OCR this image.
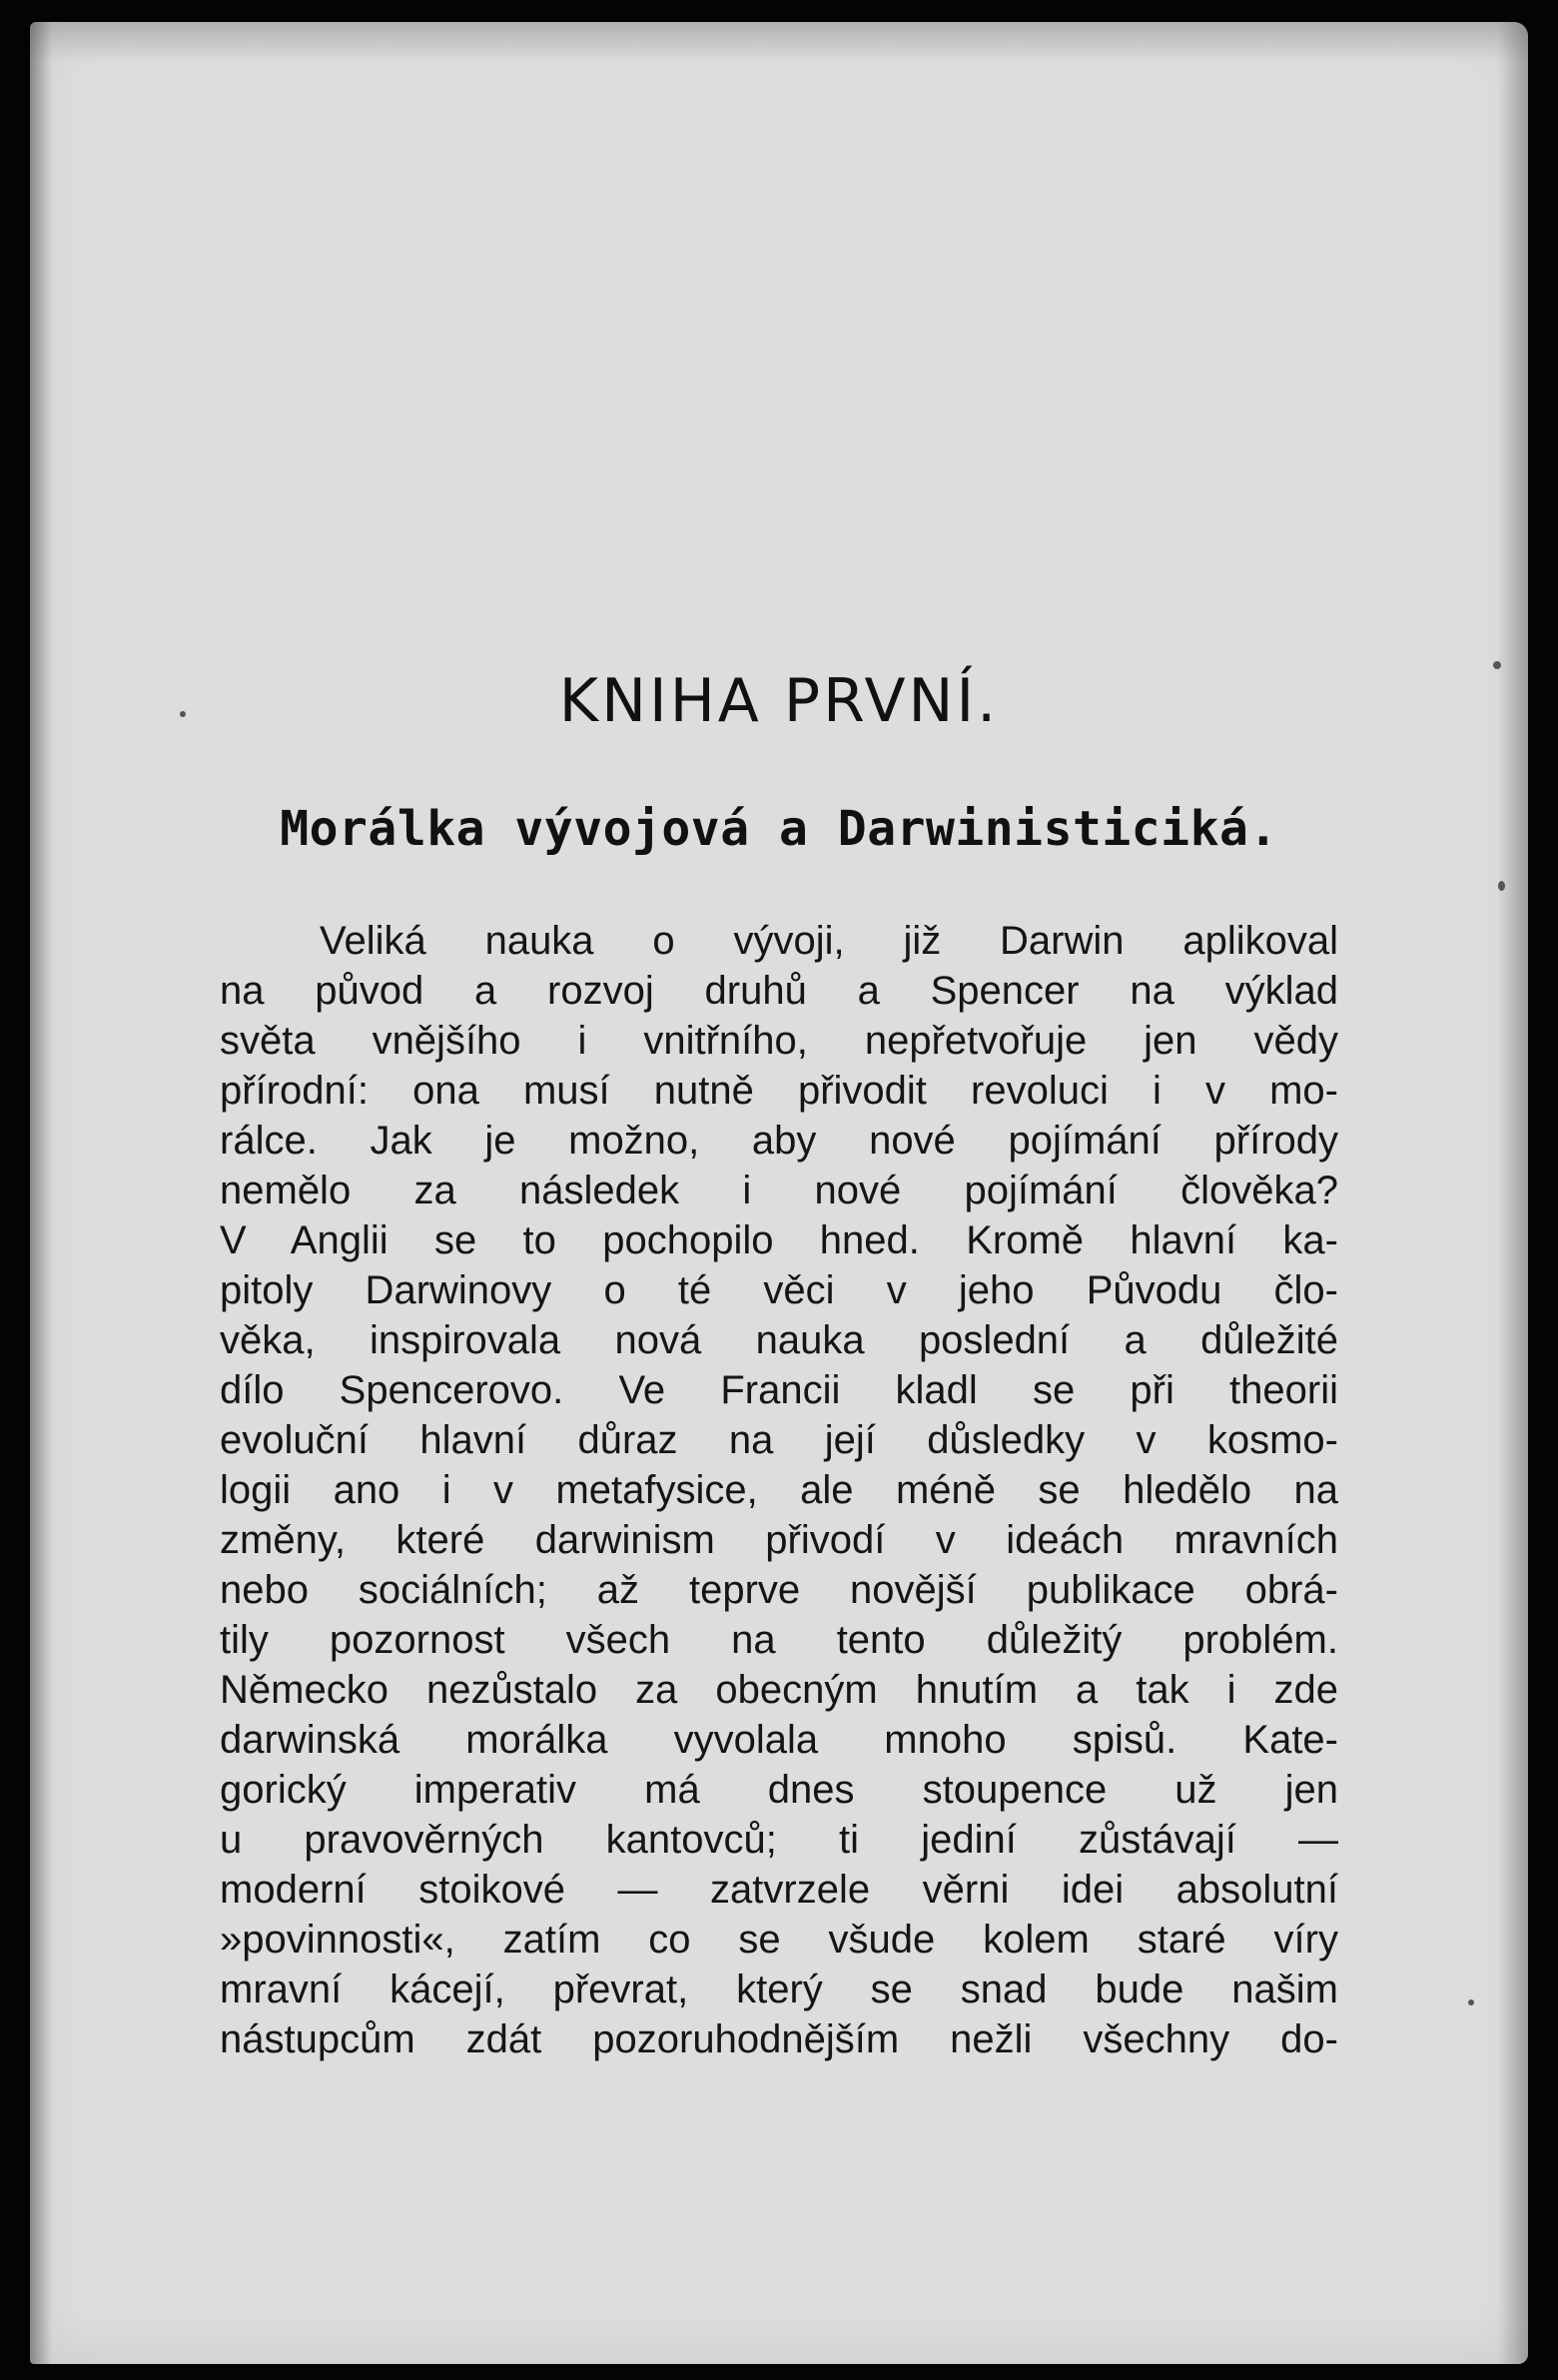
KNIHA PRVNÍ.
Morálka vývojová a Darwinisticiká.
Veliká nauka o vývoji, již Darwin aplikoval
na původ a rozvoj druhů a Spencer na výklad
světa vnějšího i vnitřního, nepřetvořuje jen vědy
přírodní: ona musí nutně přivodit revoluci i v mo-
rálce. Jak je možno, aby nové pojímání přírody
nemělo za následek i nové pojímání člověka?
V Anglii se to pochopilo hned. Kromě hlavní ka-
pitoly Darwinovy o té věci v jeho Původu člo-
věka, inspirovala nová nauka poslední a důležité
dílo Spencerovo. Ve Francii kladl se při theorii
evoluční hlavní důraz na její důsledky v kosmo-
logii ano i v metafysice, ale méně se hledělo na
změny, které darwinism přivodí v ideách mravních
nebo sociálních; až teprve novější publikace obrá-
tily pozornost všech na tento důležitý problém.
Německo nezůstalo za obecným hnutím a tak i zde
darwinská morálka vyvolala mnoho spisů. Kate-
gorický imperativ má dnes stoupence už jen
u pravověrných kantovců; ti jediní zůstávají —
moderní stoikové — zatvrzele věrni idei absolutní
»povinnosti«, zatím co se všude kolem staré víry
mravní kácejí, převrat, který se snad bude našim
nástupcům zdát pozoruhodnějším nežli všechny do-
